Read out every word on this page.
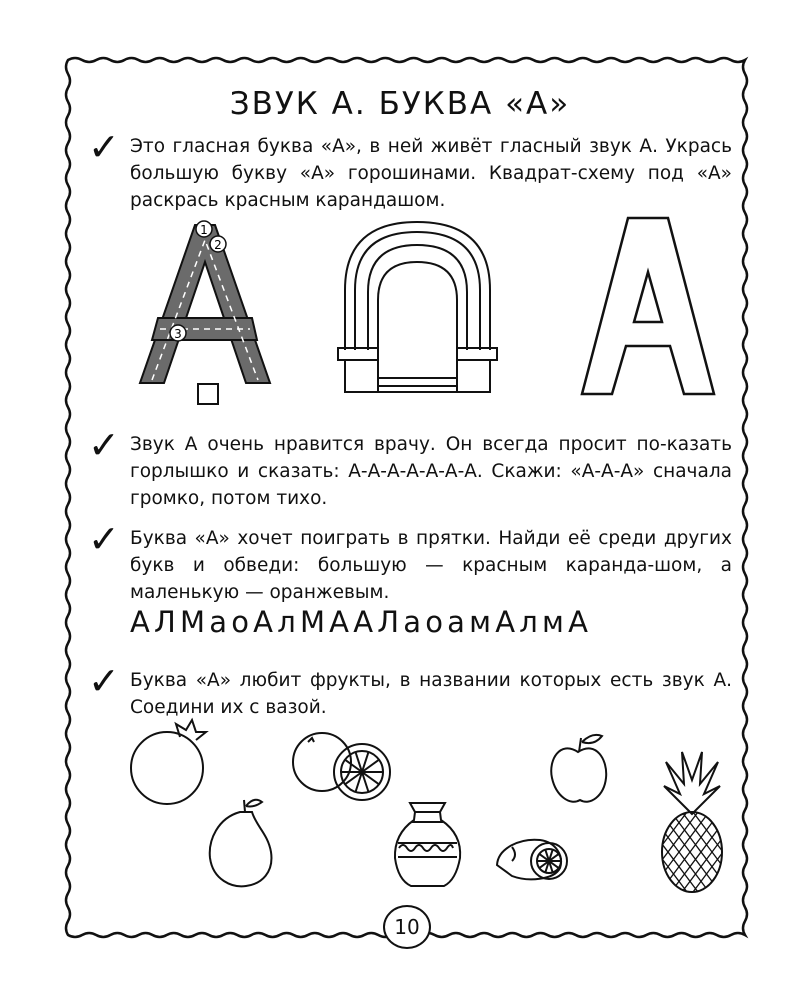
ЗВУК А. БУКВА «А»
✓ Это гласная буква «А», в ней живёт гласный звук А. Укрась большую букву «А» горошинами. Квадрат-схему под «А» раскрась красным карандашом.

1
2
3
✓ Звук А очень нравится врачу. Он всегда просит по-казать горлышко и сказать: А-А-А-А-А-А-А. Скажи: «А-А-А» сначала громко, потом тихо.

✓ Буква «А» хочет поиграть в прятки. Найди её среди других букв и обведи: большую — красным каранда-шом, а маленькую — оранжевым.

АЛМаоАлМААЛаоамАлмА
✓ Буква «А» любит фрукты, в названии которых есть звук А. Соедини их с вазой.

10
